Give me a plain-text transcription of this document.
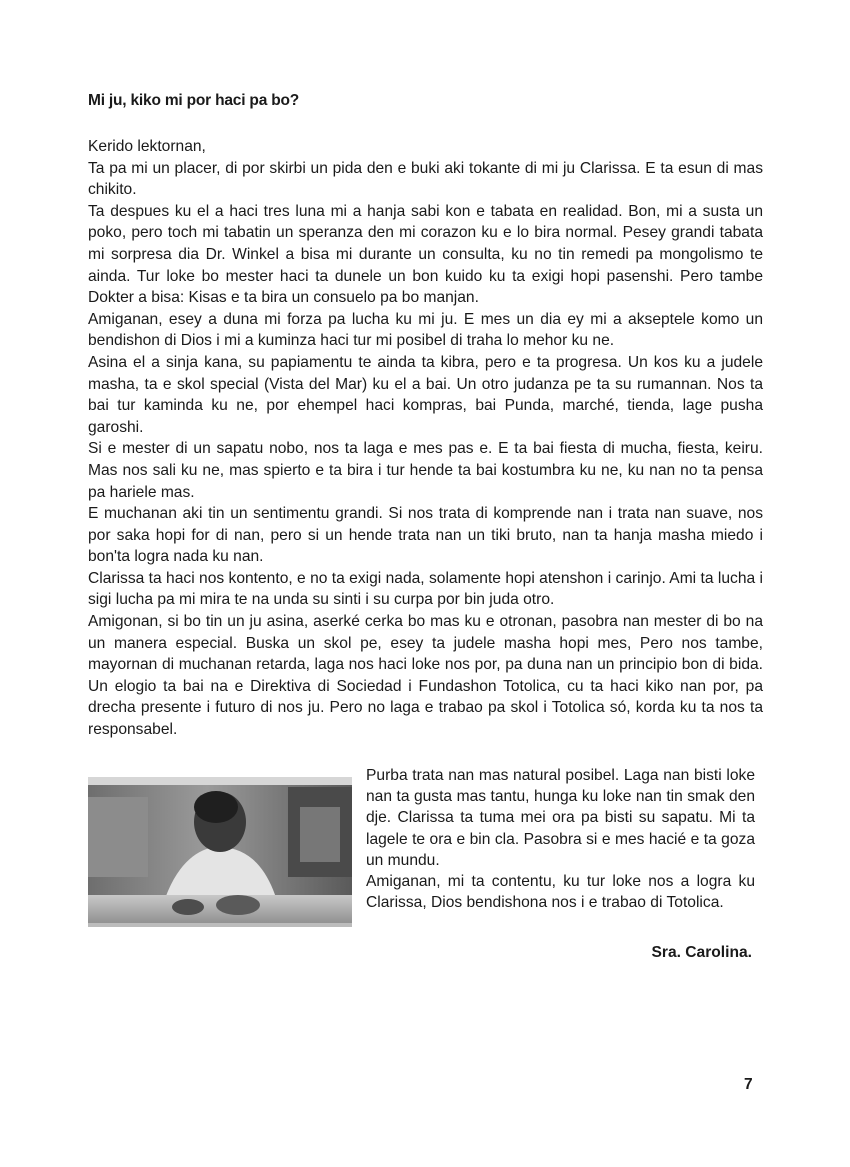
Mi ju, kiko mi por haci pa bo?

Kerido lektornan,

Ta pa mi un placer, di por skirbi un pida den e buki aki tokante di mi ju Clarissa. E ta esun di mas chikito.

Ta despues ku el a haci tres luna mi a hanja sabi kon e tabata en realidad. Bon, mi a susta un poko, pero toch mi tabatin un speranza den mi corazon ku e lo bira normal. Pesey grandi tabata mi sorpresa dia Dr. Winkel a bisa mi durante un consulta, ku no tin remedi pa mongolismo te ainda. Tur loke bo mester haci ta dunele un bon kuido ku ta exigi hopi pasenshi. Pero tambe Dokter a bisa: Kisas e ta bira un consuelo pa bo manjan.

Amiganan, esey a duna mi forza pa lucha ku mi ju. E mes un dia ey mi a akseptele komo un bendishon di Dios i mi a kuminza haci tur mi posibel di traha lo mehor ku ne.

Asina el a sinja kana, su papiamentu te ainda ta kibra, pero e ta progresa. Un kos ku a judele masha, ta e skol special (Vista del Mar) ku el a bai. Un otro judanza pe ta su rumannan. Nos ta bai tur kaminda ku ne, por ehempel haci kompras, bai Punda, marché, tienda, lage pusha garoshi.

Si e mester di un sapatu nobo, nos ta laga e mes pas e. E ta bai fiesta di mucha, fiesta, keiru. Mas nos sali ku ne, mas spierto e ta bira i tur hende ta bai kostumbra ku ne, ku nan no ta pensa pa hariele mas.

E muchanan aki tin un sentimentu grandi. Si nos trata di komprende nan i trata nan suave, nos por saka hopi for di nan, pero si un hende trata nan un tiki bruto, nan ta hanja masha miedo i bon'ta logra nada ku nan.

Clarissa ta haci nos kontento, e no ta exigi nada, solamente hopi atenshon i carinjo. Ami ta lucha i sigi lucha pa mi mira te na unda su sinti i su curpa por bin juda otro.

Amigonan, si bo tin un ju asina, aserké cerka bo mas ku e otronan, pasobra nan mester di bo na un manera especial. Buska un skol pe, esey ta judele masha hopi mes, Pero nos tambe, mayornan di muchanan retarda, laga nos haci loke nos por, pa duna nan un principio bon di bida. Un elogio ta bai na e Direktiva di Sociedad i Fundashon Totolica, cu ta haci kiko nan por, pa drecha presente i futuro di nos ju. Pero no laga e trabao pa skol i Totolica só, korda ku ta nos ta responsabel.

Purba trata nan mas natural posibel. Laga nan bisti loke nan ta gusta mas tantu, hunga ku loke nan tin smak den dje. Clarissa ta tuma mei ora pa bisti su sapatu. Mi ta lagele te ora e bin cla. Pasobra si e mes hacié e ta goza un mundu.

Amiganan, mi ta contentu, ku tur loke nos a logra ku Clarissa, Dios bendishona nos i e trabao di Totolica.

Sra. Carolina.
7
